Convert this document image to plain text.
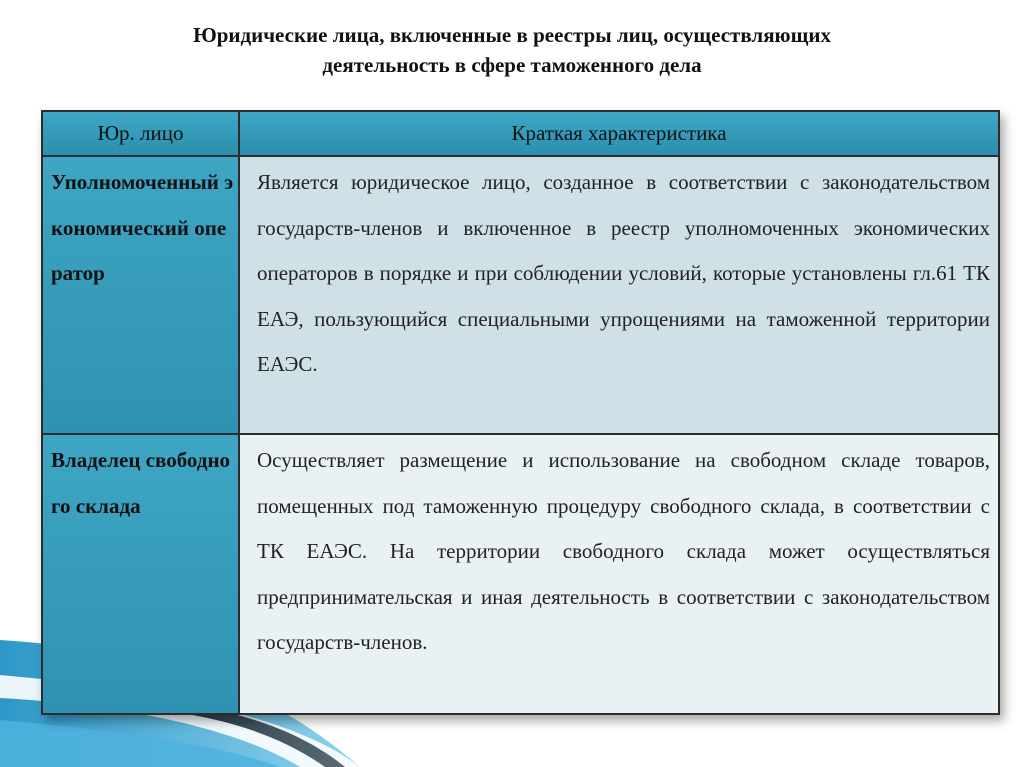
Юридические лица, включенные в реестры лиц, осуществляющих
деятельность в сфере таможенного дела
Юр. лицо	Краткая характеристика
Уполномоченный экономический оператор	Является юридическое лицо, созданное в соответствии с законодательством государств-членов и включенное в реестр уполномоченных экономических операторов в порядке и при соблюдении условий, которые установлены гл.61 ТК ЕАЭ, пользующийся специальными упрощениями на таможенной территории ЕАЭС.
Владелец свободного склада	Осуществляет размещение и использование на свободном складе товаров, помещенных под таможенную процедуру свободного склада, в соответствии с ТК ЕАЭС. На территории свободного склада может осуществляться предпринимательская и иная деятельность в соответствии с законодательством государств-членов.
